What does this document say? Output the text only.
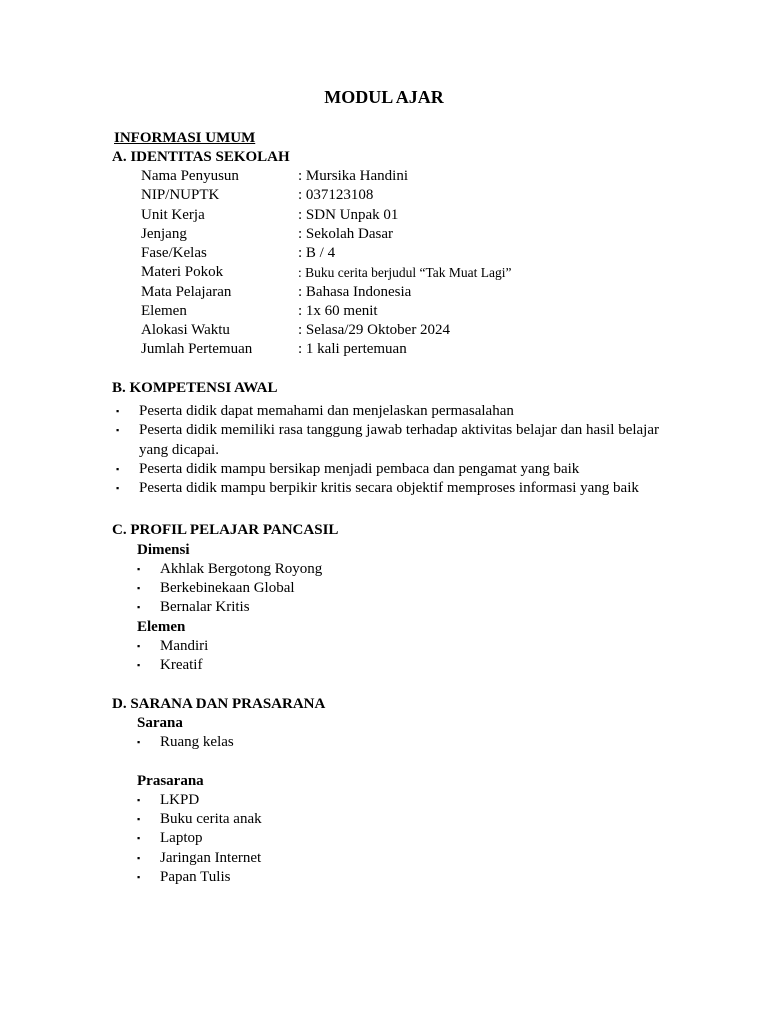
MODUL AJAR
INFORMASI UMUM
A. IDENTITAS SEKOLAH
Nama Penyusun	: Mursika Handini
NIP/NUPTK	: 037123108
Unit Kerja	: SDN Unpak 01
Jenjang	: Sekolah Dasar
Fase/Kelas	: B / 4
Materi Pokok	: Buku cerita berjudul “Tak Muat Lagi”
Mata Pelajaran	: Bahasa Indonesia
Elemen	: 1x 60 menit
Alokasi Waktu	: Selasa/29 Oktober 2024
Jumlah Pertemuan	: 1 kali pertemuan
B. KOMPETENSI AWAL
▪ Peserta didik dapat memahami dan menjelaskan permasalahan
▪ Peserta didik memiliki rasa tanggung jawab terhadap aktivitas belajar dan hasil belajar yang dicapai.
▪ Peserta didik mampu bersikap menjadi pembaca dan pengamat yang baik
▪ Peserta didik mampu berpikir kritis secara objektif memproses informasi yang baik
C. PROFIL PELAJAR PANCASIL
Dimensi
▪ Akhlak Bergotong Royong
▪ Berkebinekaan Global
▪ Bernalar Kritis
Elemen
▪ Mandiri
▪ Kreatif
D. SARANA DAN PRASARANA
Sarana
▪ Ruang kelas
Prasarana
▪ LKPD
▪ Buku cerita anak
▪ Laptop
▪ Jaringan Internet
▪ Papan Tulis
